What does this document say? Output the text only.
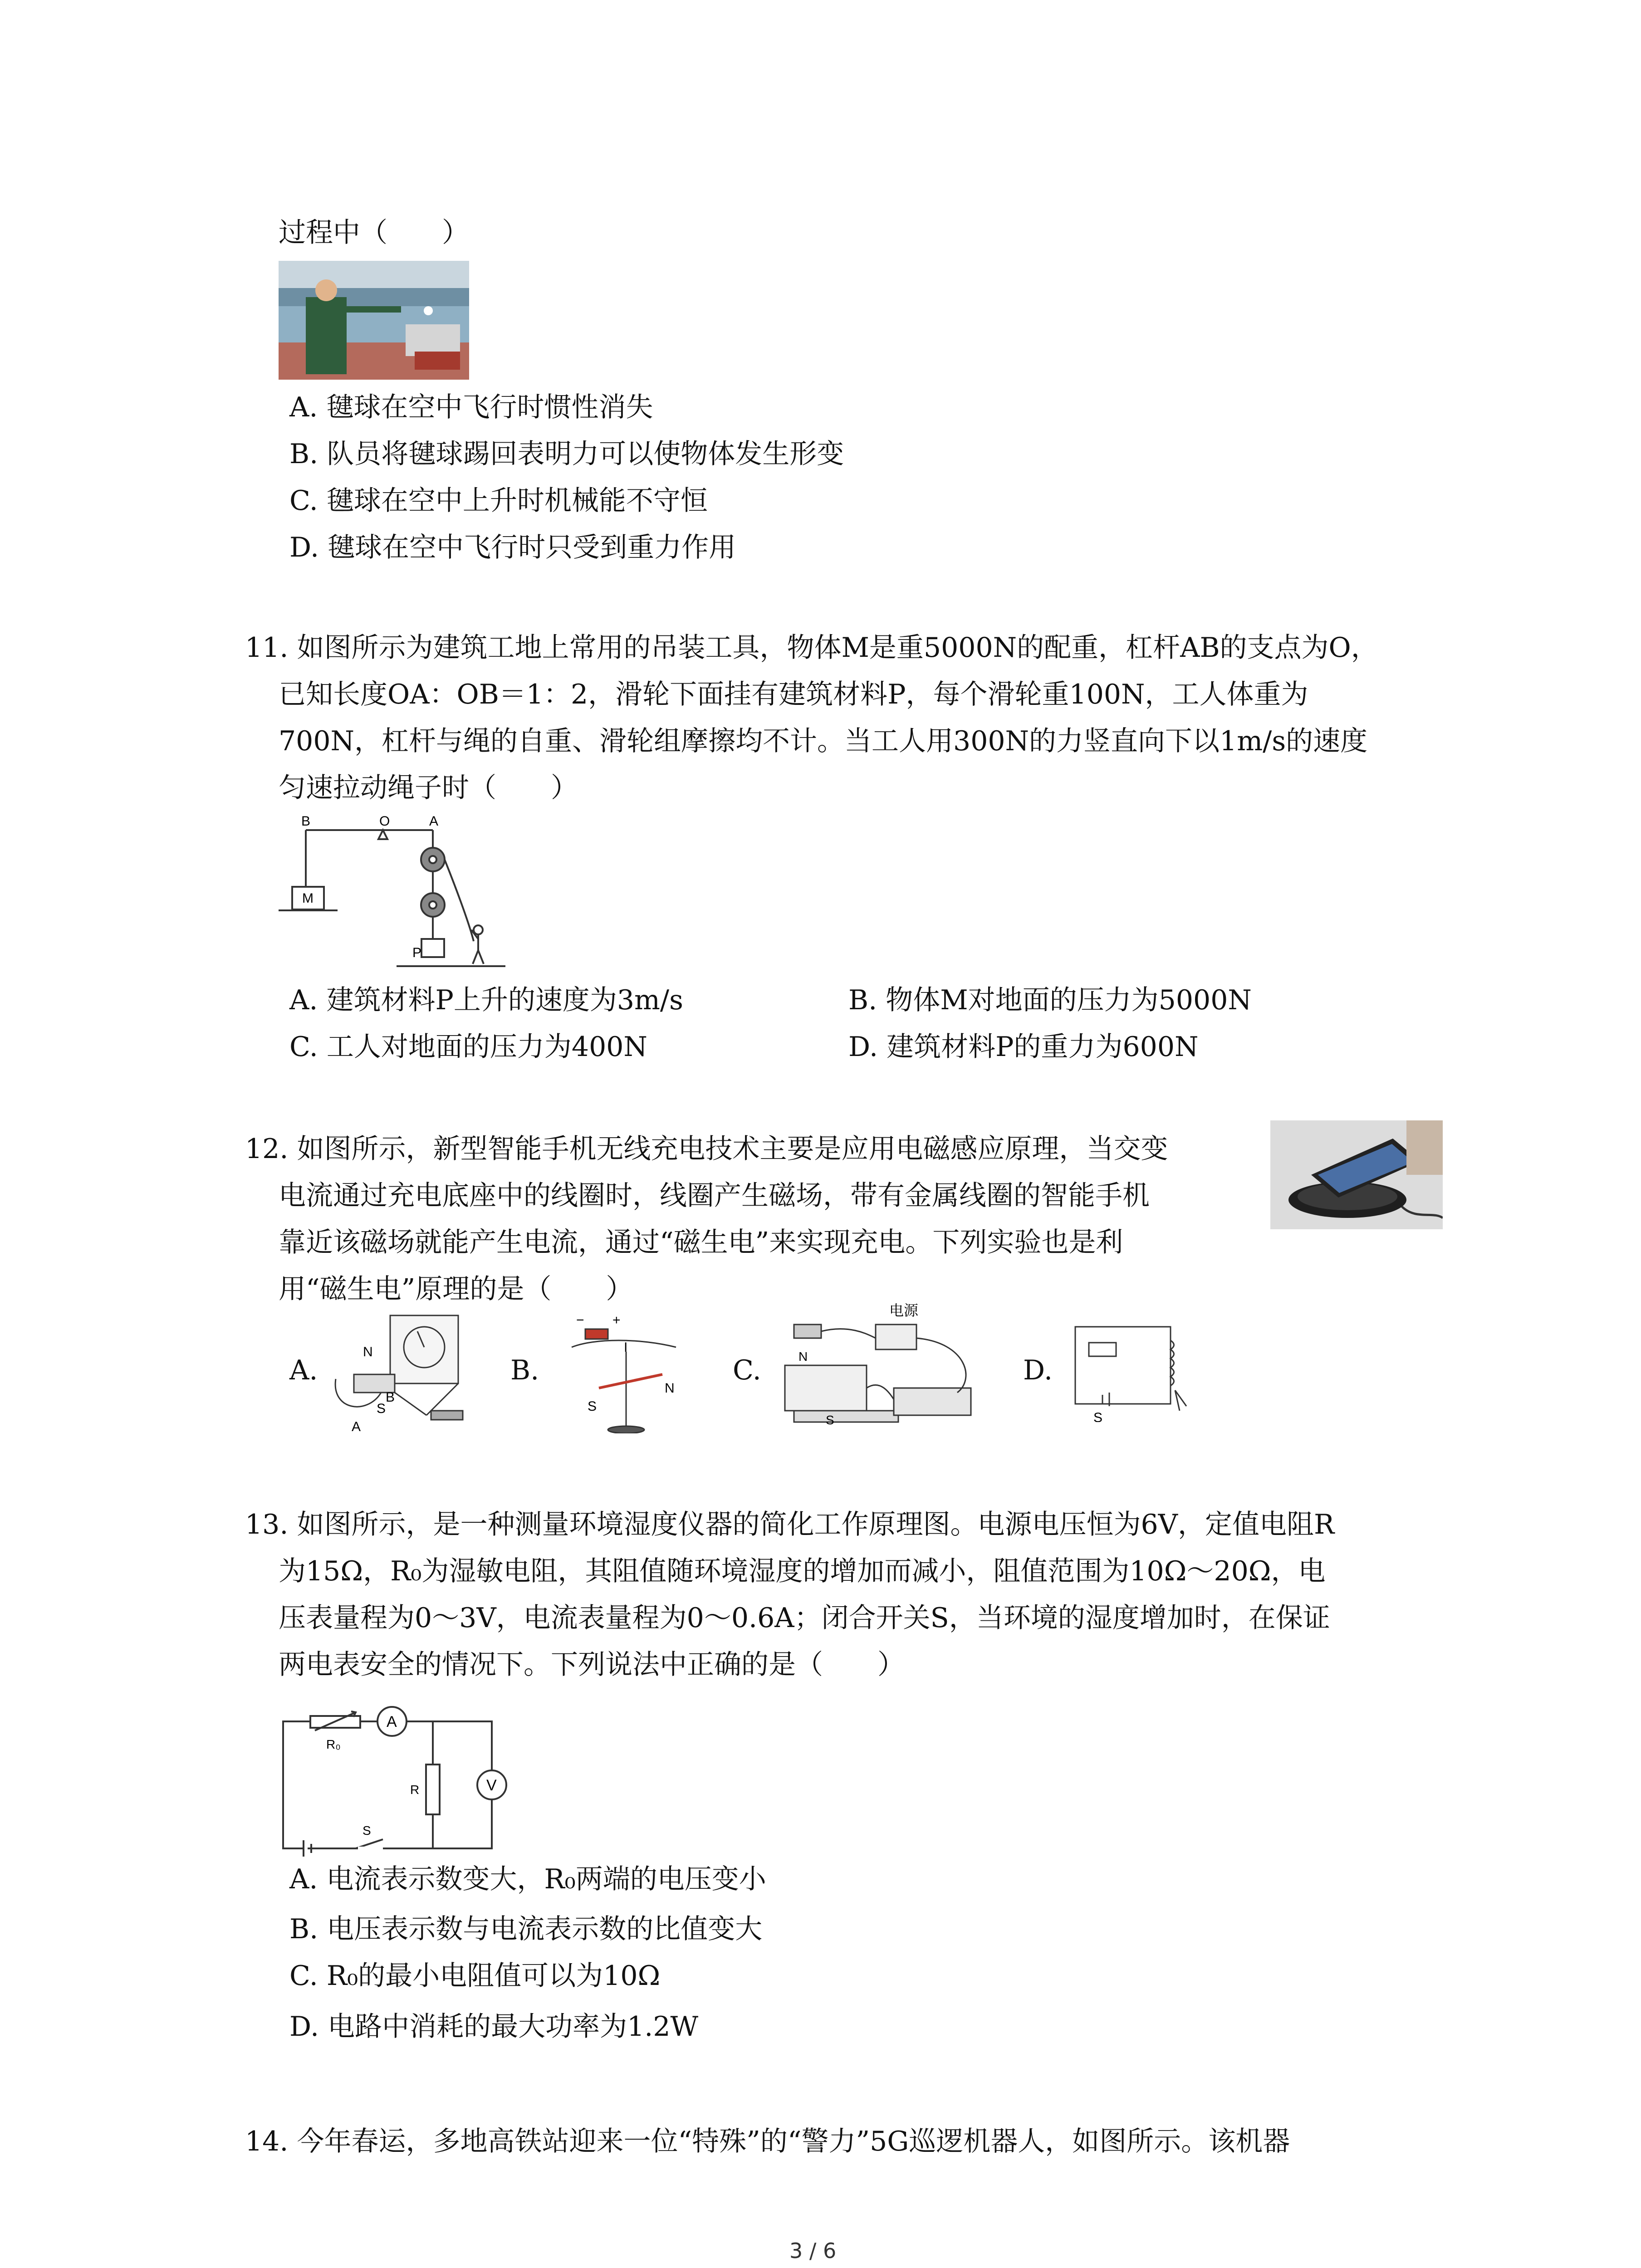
过程中（　　）
A. 毽球在空中飞行时惯性消失
B. 队员将毽球踢回表明力可以使物体发生形变
C. 毽球在空中上升时机械能不守恒
D. 毽球在空中飞行时只受到重力作用
11. 如图所示为建筑工地上常用的吊装工具，物体M是重5000N的配重，杠杆AB的支点为O，
已知长度OA：OB＝1：2，滑轮下面挂有建筑材料P，每个滑轮重100N，工人体重为
700N，杠杆与绳的自重、滑轮组摩擦均不计。当工人用300N的力竖直向下以1m/s的速度
匀速拉动绳子时（　　）
B	O	A
M
P
A. 建筑材料P上升的速度为3m/s	B. 物体M对地面的压力为5000N
C. 工人对地面的压力为400N	D. 建筑材料P的重力为600N
12. 如图所示，新型智能手机无线充电技术主要是应用电磁感应原理，当交变
电流通过充电底座中的线圈时，线圈产生磁场，带有金属线圈的智能手机
靠近该磁场就能产生电流，通过“磁生电”来实现充电。下列实验也是利
用“磁生电”原理的是（　　）
A.
N
S
A
B
B.
− +
I
N
S
C.
电源
N
S
D.
S
13. 如图所示，是一种测量环境湿度仪器的简化工作原理图。电源电压恒为6V，定值电阻R
为15Ω，R₀为湿敏电阻，其阻值随环境湿度的增加而减小，阻值范围为10Ω～20Ω，电
压表量程为0～3V，电流表量程为0～0.6A；闭合开关S，当环境的湿度增加时，在保证
两电表安全的情况下。下列说法中正确的是（　　）
R₀
A
R	V
S
A. 电流表示数变大，R₀两端的电压变小
B. 电压表示数与电流表示数的比值变大
C. R₀的最小电阻值可以为10Ω
D. 电路中消耗的最大功率为1.2W
14. 今年春运，多地高铁站迎来一位“特殊”的“警力”5G巡逻机器人，如图所示。该机器
3 / 6
